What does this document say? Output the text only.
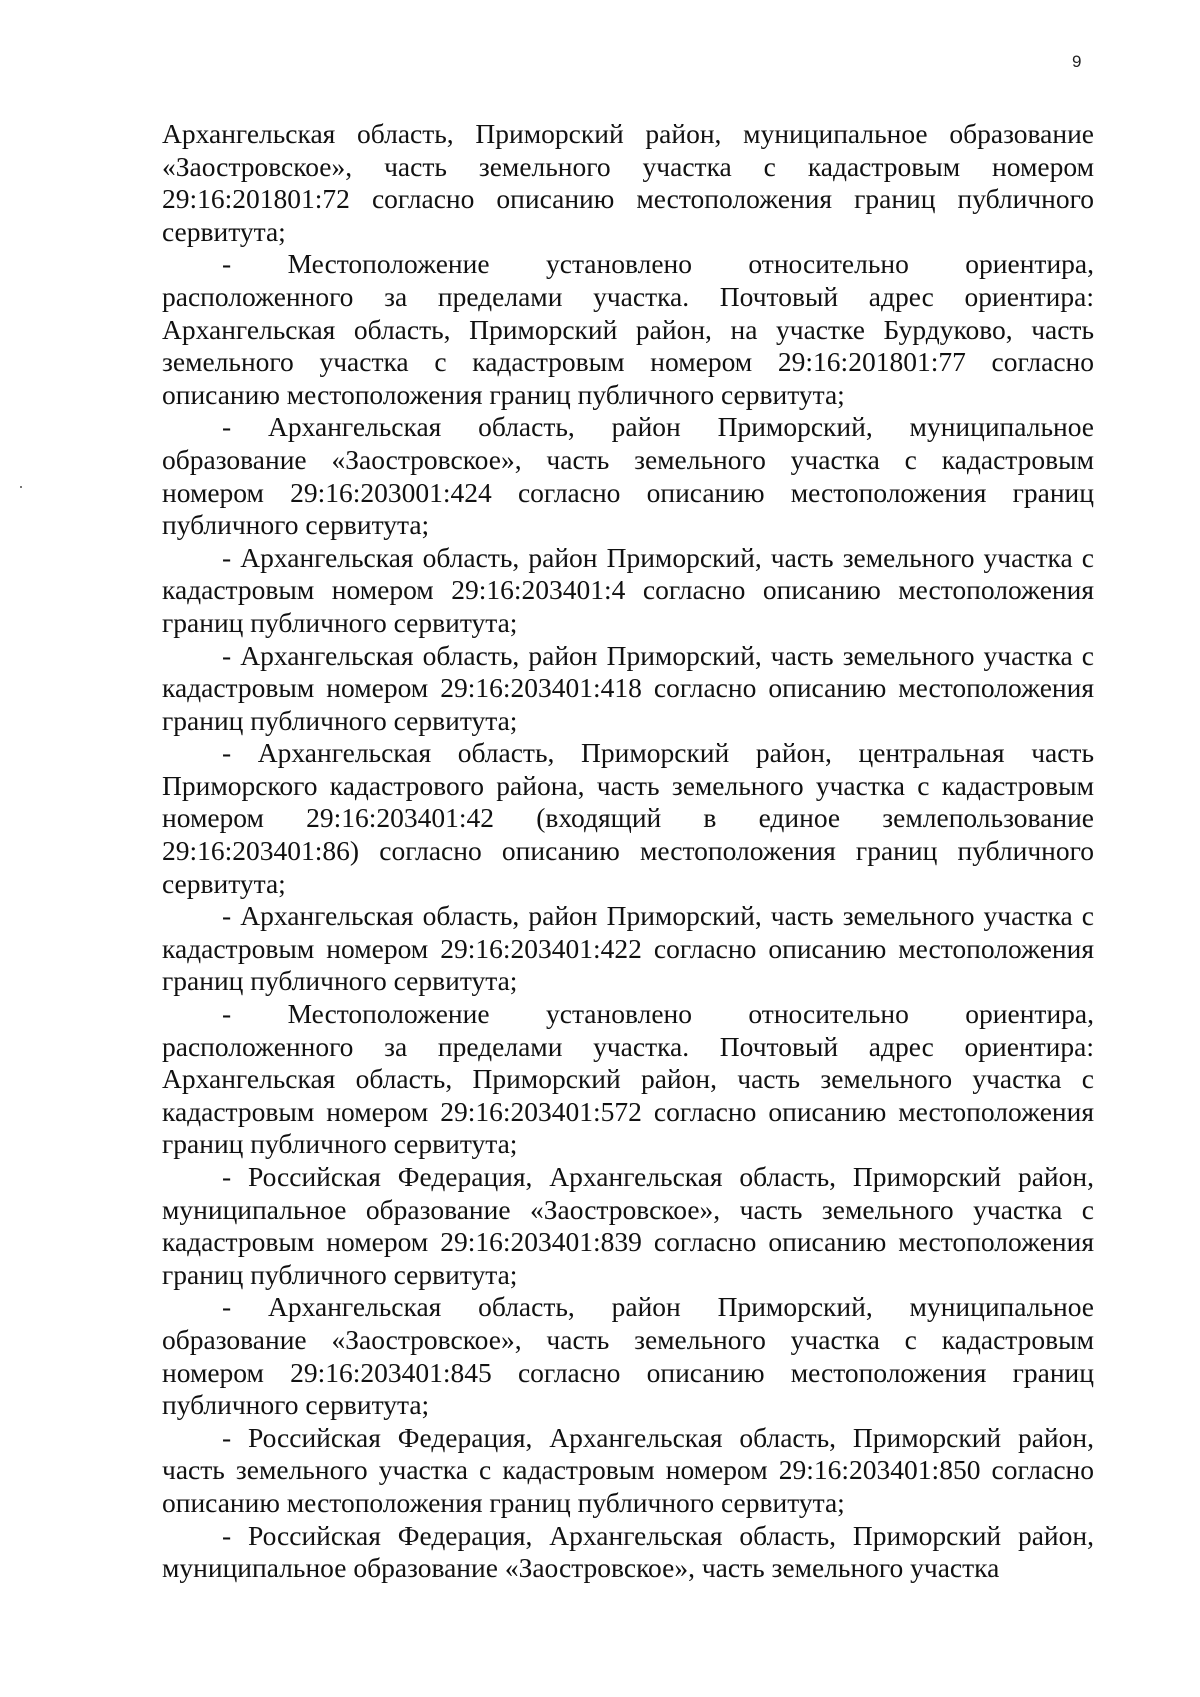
9

Архангельская область, Приморский район, муниципальное образование «Заостровское», часть земельного участка с кадастровым номером 29:16:201801:72 согласно описанию местоположения границ публичного сервитута;

- Местоположение установлено относительно ориентира, расположенного за пределами участка. Почтовый адрес ориентира: Архангельская область, Приморский район, на участке Бурдуково, часть земельного участка с кадастровым номером 29:16:201801:77 согласно описанию местоположения границ публичного сервитута;

- Архангельская область, район Приморский, муниципальное образование «Заостровское», часть земельного участка с кадастровым номером 29:16:203001:424 согласно описанию местоположения границ публичного сервитута;

- Архангельская область, район Приморский, часть земельного участка с кадастровым номером 29:16:203401:4 согласно описанию местоположения границ публичного сервитута;

- Архангельская область, район Приморский, часть земельного участка с кадастровым номером 29:16:203401:418 согласно описанию местоположения границ публичного сервитута;

- Архангельская область, Приморский район, центральная часть Приморского кадастрового района, часть земельного участка с кадастровым номером 29:16:203401:42 (входящий в единое землепользование 29:16:203401:86) согласно описанию местоположения границ публичного сервитута;

- Архангельская область, район Приморский, часть земельного участка с кадастровым номером 29:16:203401:422 согласно описанию местоположения границ публичного сервитута;

- Местоположение установлено относительно ориентира, расположенного за пределами участка. Почтовый адрес ориентира: Архангельская область, Приморский район, часть земельного участка с кадастровым номером 29:16:203401:572 согласно описанию местоположения границ публичного сервитута;

- Российская Федерация, Архангельская область, Приморский район, муниципальное образование «Заостровское», часть земельного участка с кадастровым номером 29:16:203401:839 согласно описанию местоположения границ публичного сервитута;

- Архангельская область, район Приморский, муниципальное образование «Заостровское», часть земельного участка с кадастровым номером 29:16:203401:845 согласно описанию местоположения границ публичного сервитута;

- Российская Федерация, Архангельская область, Приморский район, часть земельного участка с кадастровым номером 29:16:203401:850 согласно описанию местоположения границ публичного сервитута;

- Российская Федерация, Архангельская область, Приморский район, муниципальное образование «Заостровское», часть земельного участка
